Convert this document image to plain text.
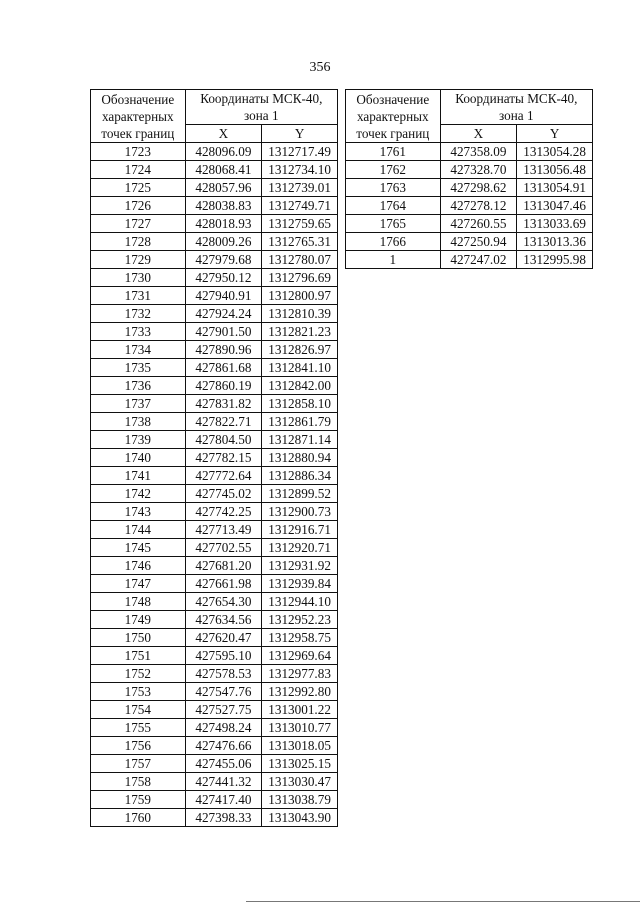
356
Обозначение
характерных
точек границ	Координаты МСК-40,
зона 1	

	X	Y
1723	428096.09	1312717.49
1724	428068.41	1312734.10
1725	428057.96	1312739.01
1726	428038.83	1312749.71
1727	428018.93	1312759.65
1728	428009.26	1312765.31
1729	427979.68	1312780.07
1730	427950.12	1312796.69
1731	427940.91	1312800.97
1732	427924.24	1312810.39
1733	427901.50	1312821.23
1734	427890.96	1312826.97
1735	427861.68	1312841.10
1736	427860.19	1312842.00
1737	427831.82	1312858.10
1738	427822.71	1312861.79
1739	427804.50	1312871.14
1740	427782.15	1312880.94
1741	427772.64	1312886.34
1742	427745.02	1312899.52
1743	427742.25	1312900.73
1744	427713.49	1312916.71
1745	427702.55	1312920.71
1746	427681.20	1312931.92
1747	427661.98	1312939.84
1748	427654.30	1312944.10
1749	427634.56	1312952.23
1750	427620.47	1312958.75
1751	427595.10	1312969.64
1752	427578.53	1312977.83
1753	427547.76	1312992.80
1754	427527.75	1313001.22
1755	427498.24	1313010.77
1756	427476.66	1313018.05
1757	427455.06	1313025.15
1758	427441.32	1313030.47
1759	427417.40	1313038.79
1760	427398.33	1313043.90
Обозначение
характерных
точек границ	Координаты МСК-40,
зона 1	

	X	Y
1761	427358.09	1313054.28
1762	427328.70	1313056.48
1763	427298.62	1313054.91
1764	427278.12	1313047.46
1765	427260.55	1313033.69
1766	427250.94	1313013.36
1	427247.02	1312995.98
